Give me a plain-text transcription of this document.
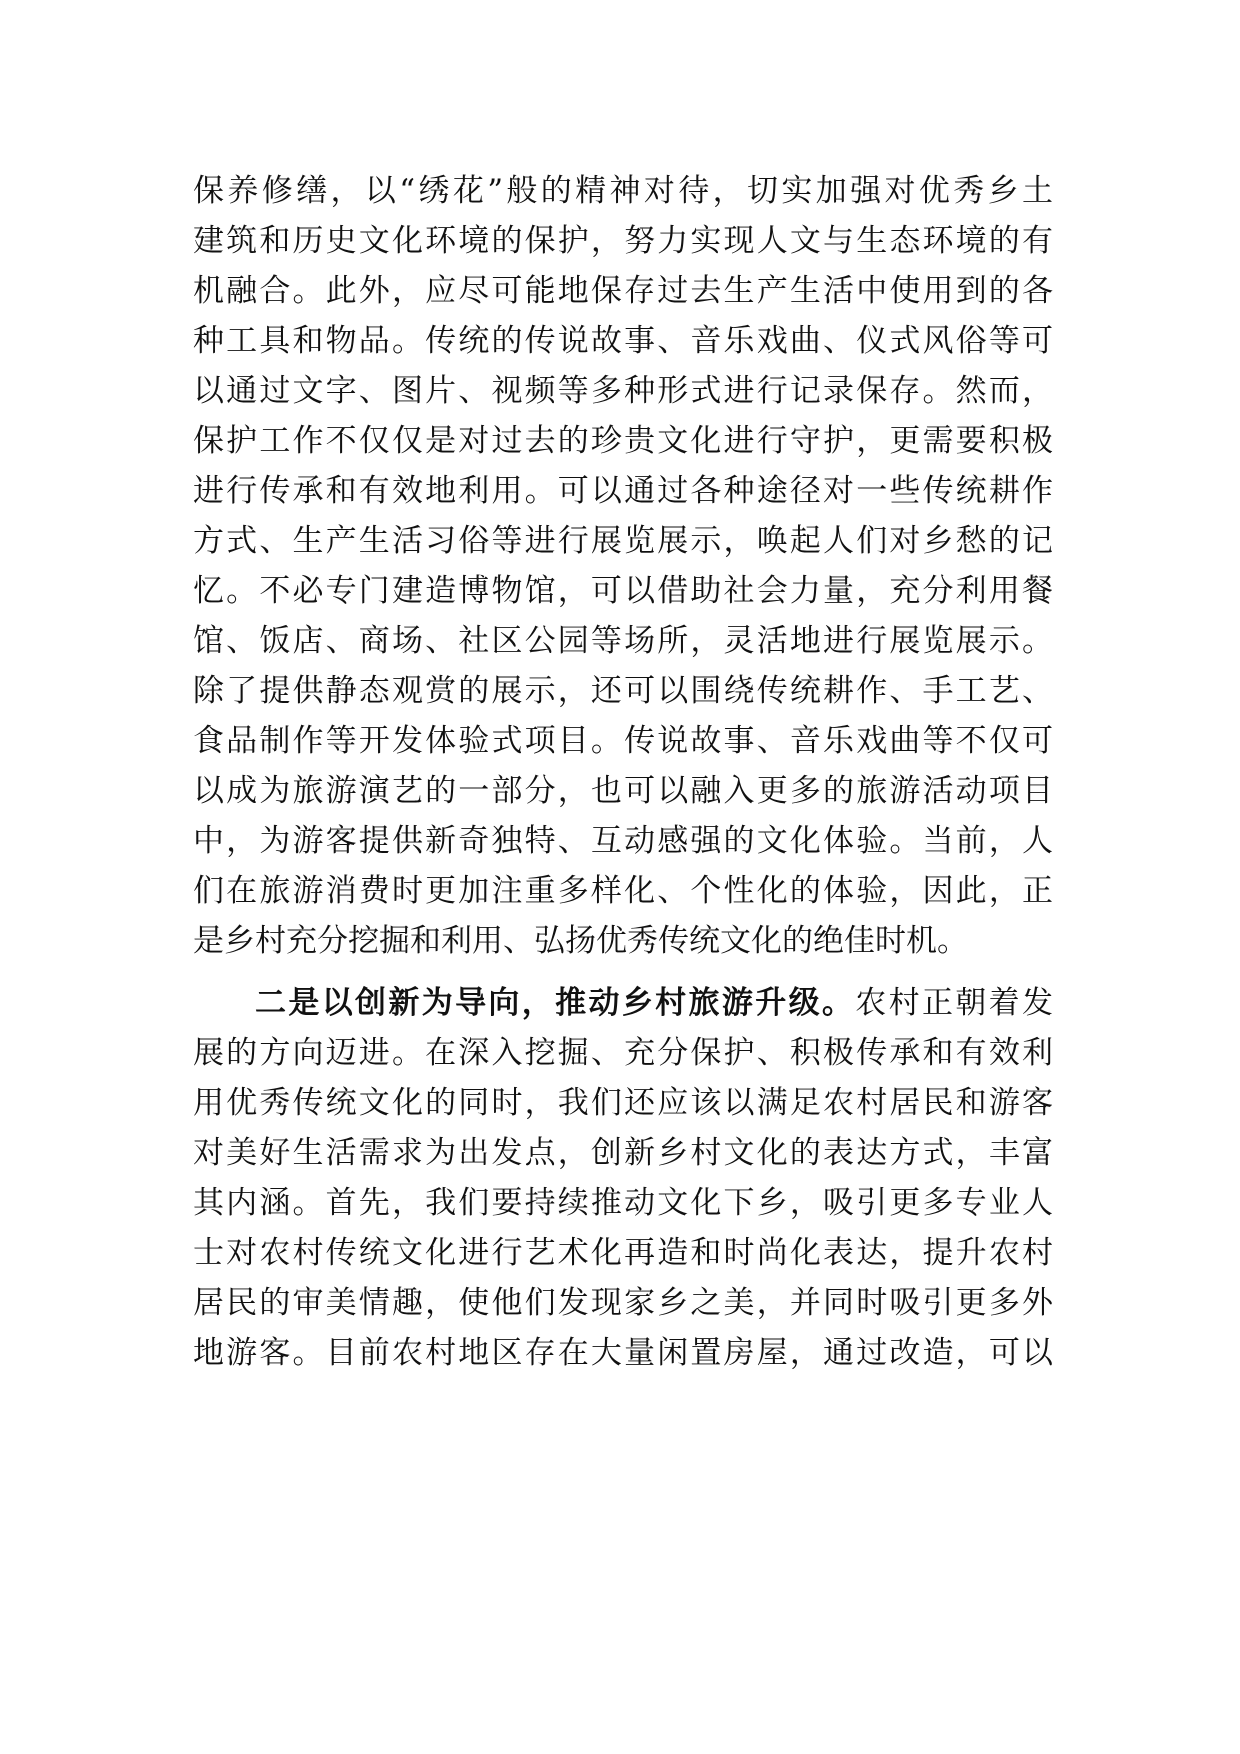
保养修缮，以“绣花”般的精神对待，切实加强对优秀乡土
建筑和历史文化环境的保护，努力实现人文与生态环境的有
机融合。此外，应尽可能地保存过去生产生活中使用到的各
种工具和物品。传统的传说故事、音乐戏曲、仪式风俗等可
以通过文字、图片、视频等多种形式进行记录保存。然而，
保护工作不仅仅是对过去的珍贵文化进行守护，更需要积极
进行传承和有效地利用。可以通过各种途径对一些传统耕作
方式、生产生活习俗等进行展览展示，唤起人们对乡愁的记
忆。不必专门建造博物馆，可以借助社会力量，充分利用餐
馆、饭店、商场、社区公园等场所，灵活地进行展览展示。
除了提供静态观赏的展示，还可以围绕传统耕作、手工艺、
食品制作等开发体验式项目。传说故事、音乐戏曲等不仅可
以成为旅游演艺的一部分，也可以融入更多的旅游活动项目
中，为游客提供新奇独特、互动感强的文化体验。当前，人
们在旅游消费时更加注重多样化、个性化的体验，因此，正
是乡村充分挖掘和利用、弘扬优秀传统文化的绝佳时机。
二是以创新为导向，推动乡村旅游升级。农村正朝着发
展的方向迈进。在深入挖掘、充分保护、积极传承和有效利
用优秀传统文化的同时，我们还应该以满足农村居民和游客
对美好生活需求为出发点，创新乡村文化的表达方式，丰富
其内涵。首先，我们要持续推动文化下乡，吸引更多专业人
士对农村传统文化进行艺术化再造和时尚化表达，提升农村
居民的审美情趣，使他们发现家乡之美，并同时吸引更多外
地游客。目前农村地区存在大量闲置房屋，通过改造，可以
